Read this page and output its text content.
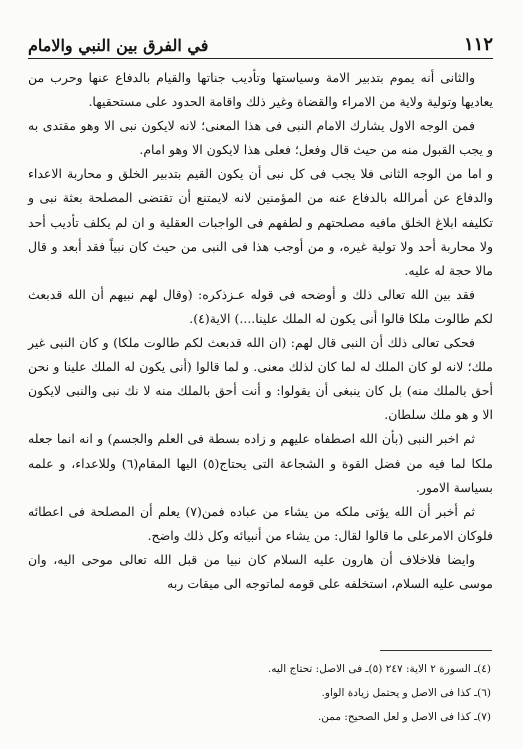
١١٢
في الفرق بين النبي والامام

والثانى أنه يموم بتدبير الامة وسياستها وتأديب جناتها والقيام بالدفاع عنها وحرب من يعاديها وتولية ولاية من الامراء والقضاة وغير ذلك واقامة الحدود على مستحقيها.

فمن الوجه الاول يشارك الامام النبى فى هذا المعنى؛ لانه لايكون نبى الا وهو مقتدى به و يجب القبول منه من حيث قال وفعل؛ فعلى هذا لايكون الا وهو امام.

و اما من الوجه الثانى فلا يجب فى كل نبى أن يكون القيم بتدبير الخلق و محاربة الاعداء والدفاع عن أمرالله بالدفاع عنه من المؤمنين لانه لايمتنع أن تقتضى المصلحة بعثة نبى و تكليفه ابلاغ الخلق مافيه مصلحتهم و لطفهم فى الواجبات العقلية و ان لم يكلف تأديب أحد ولا محاربة أحد ولا تولية غيره، و من أوجب هذا فى النبى من حيث كان نبياً فقد أبعد و قال مالا حجة له عليه.

فقد بين الله تعالى ذلك و أوضحه فى قوله عـزذكره: (وقال لهم نبيهم أن الله قدبعث لكم طالوت ملكا قالوا أنى يكون له الملك علينا....) الاية(٤).

فحكى تعالى ذلك أن النبى قال لهم: (ان الله قدبعث لكم طالوت ملكا) و كان النبى غير ملك؛ لانه لو كان الملك له لما كان لذلك معنى. و لما قالوا (أنى يكون له الملك علينا و نحن أحق بالملك منه) بل كان ينبغى أن يقولوا: و أنت أحق بالملك منه لا نك نبى والنبى لايكون الا و هو ملك سلطان.

ثم اخبر النبى (بأن الله اصطفاه عليهم و زاده بسطة فى العلم والجسم) و انه انما جعله ملكا لما فيه من فضل القوة و الشجاعة التى يحتاج(٥) اليها المقام(٦) وللاعداء، و علمه بسياسة الامور.

ثم أخبر أن الله يؤتى ملكه من يشاء من عباده فمن(٧) يعلم أن المصلحة فى اعطائه فلوكان الامرعلى ما قالوا لقال: من يشاء من أنبيائه وكل ذلك واضح.

وايضا فلاخلاف أن هارون عليه السلام كان نبيا من قبل الله تعالى موحى اليه، وان موسى عليه السلام، استخلفه على قومه لماتوجه الى ميقات ربه

(٤)ـ السورة ٢ الاية: ٢٤٧ (٥)ـ فى الاصل: تحتاج اليه.

(٦)ـ كذا فى الاصل و يحتمل زيادة الواو.

(٧)ـ كذا فى الاصل و لعل الصحيح: ممن.
